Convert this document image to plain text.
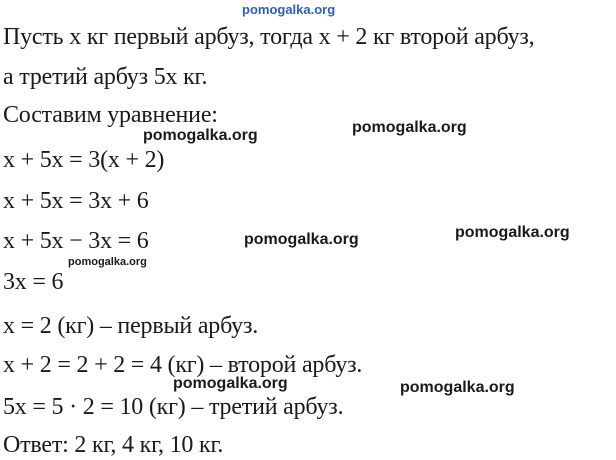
pomogalka.org
Пусть x кг первый арбуз, тогда x + 2 кг второй арбуз,
а третий арбуз 5x кг.
Составим уравнение:
pomogalka.org	pomogalka.org
x + 5x = 3(x + 2)
x + 5x = 3x + 6
x + 5x − 3x = 6	pomogalka.org	pomogalka.org
pomogalka.org
3x = 6
x = 2 (кг) – первый арбуз.
x + 2 = 2 + 2 = 4 (кг) – второй арбуз.
pomogalka.org	pomogalka.org
5x = 5 · 2 = 10 (кг) – третий арбуз.
Ответ: 2 кг, 4 кг, 10 кг.
